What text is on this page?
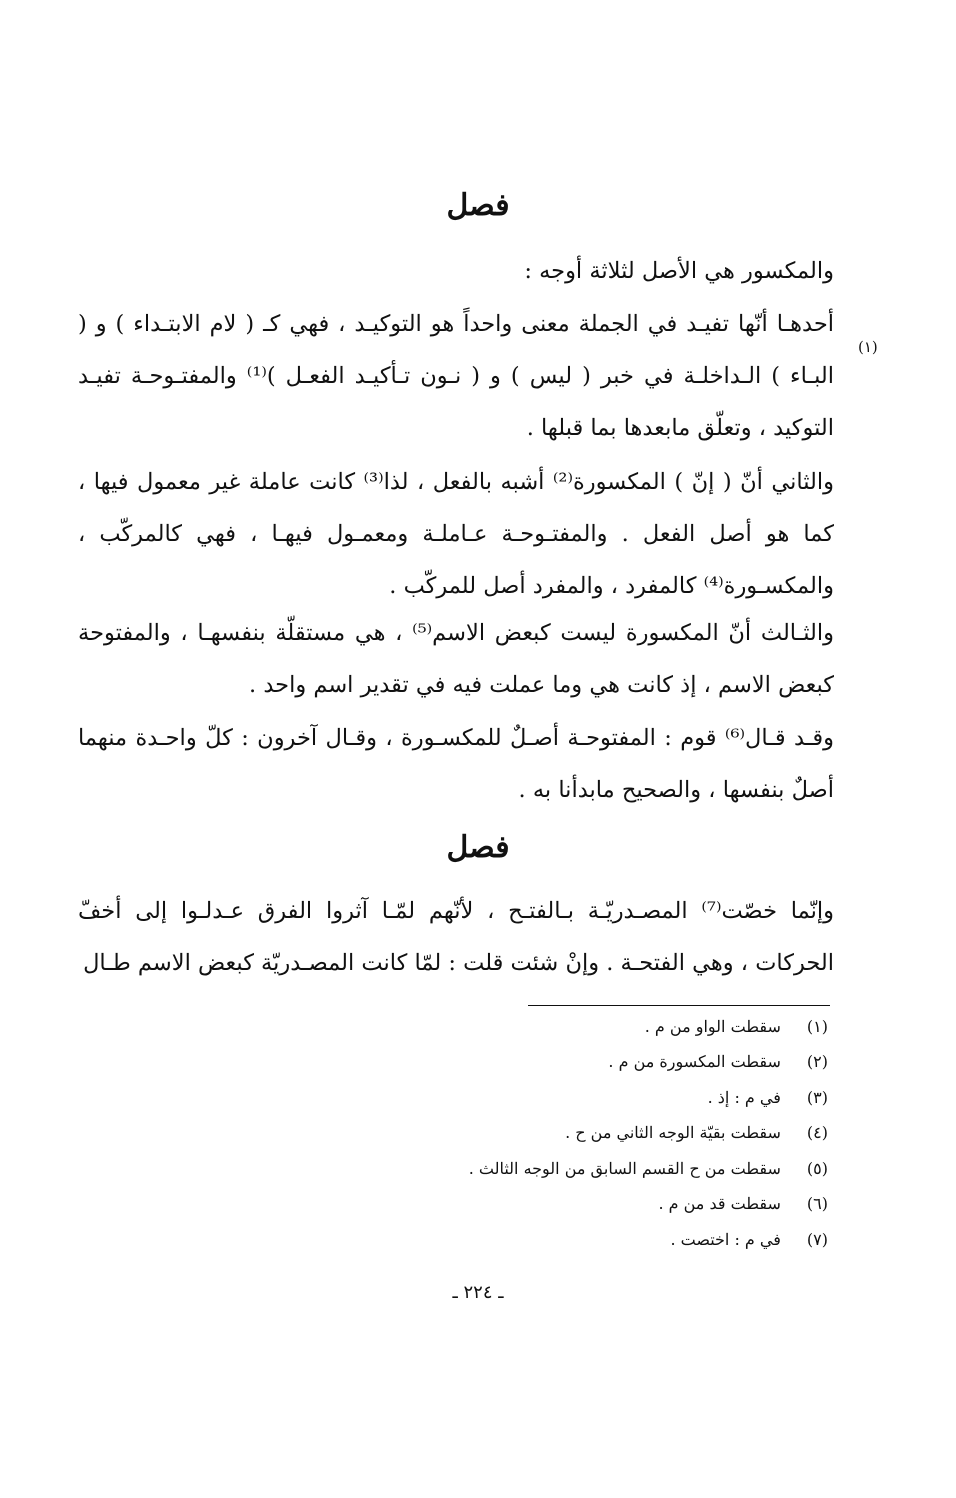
(١)
فصل

والمكسور هي الأصل لثلاثة أوجه :

أحدهـا أنّها تفيـد في الجملة معنى واحداً هو التوكيـد ، فهي كـ ( لام الابتـداء ) و ( البـاء ) الـداخلـة في خبر ( ليس ) و ( نـون تـأكيـد الفعـل )⁽¹⁾ والمفتـوحـة تفيـد التوكيد ، وتعلّق مابعدها بما قبلها .

والثاني أنّ ( إنّ ) المكسورة⁽²⁾ أشبه بالفعل ، لذا⁽³⁾ كانت عاملة غير معمول فيها ، كما هو أصل الفعل . والمفتـوحـة عـاملـة ومعمـول فيهـا ، فهي كالمركّب ، والمكسـورة⁽⁴⁾ كالمفرد ، والمفرد أصل للمركّب .

والثـالث أنّ المكسورة ليست كبعض الاسم⁽⁵⁾ ، هي مستقلّة بنفسهـا ، والمفتوحة كبعض الاسم ، إذ كانت هي وما عملت فيه في تقدير اسم واحد .

وقـد قـال⁽⁶⁾ قوم : المفتوحـة أصـلٌ للمكسـورة ، وقـال آخرون : كلّ واحـدة منهما أصلٌ بنفسها ، والصحيح مابدأنا به .

فصل

وإنّما خصّت⁽⁷⁾ المصـدريّـة بـالفتـح ، لأنّهم لمّـا آثروا الفرق عـدلـوا إلى أخفّ الحركات ، وهي الفتحـة . وإنْ شئت قلت : لمّا كانت المصـدريّة كبعض الاسم طـال

(١) سقطت الواو من م .
(٢) سقطت المكسورة من م .
(٣) في م : إذ .
(٤) سقطت بقيّة الوجه الثاني من ح .
(٥) سقطت من ح القسم السابق من الوجه الثالث .
(٦) سقطت قد من م .
(٧) في م : اختصت .
ـ ٢٢٤ ـ
